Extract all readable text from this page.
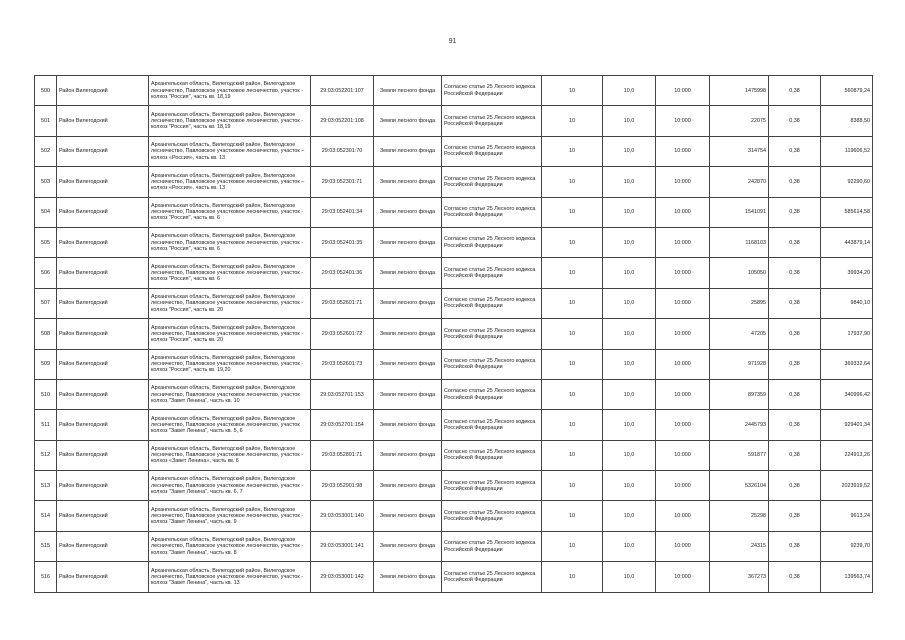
91
500	Район Вилегодский	Архангельская область, Вилегодский район, Вилегодское лесничество, Павловское участковое лесничество, участок - колхоз "Россия", часть кв. 18,19	29:03:052201:107	Земли лесного фонда	Согласно статье 25 Лесного кодекса Российской Федерации	10	10,0	10:000	1475998	0,38	560879,24
501	Район Вилегодский	Архангельская область, Вилегодский район, Вилегодское лесничество, Павловское участковое лесничество, участок - колхоз "Россия", часть кв. 18,19	29:03:052201:108	Земли лесного фонда	Согласно статье 25 Лесного кодекса Российской Федерации	10	10,0	10:000	22075	0,38	8388,50
502	Район Вилегодский	Архангельская область, Вилегодский район, Вилегодское лесничество, Павловское участковое лесничество, участок – колхоз «Россия», часть кв. 13	29:03:052301:70	Земли лесного фонда	Согласно статье 25 Лесного кодекса Российской Федерации	10	10,0	10:000	314754	0,38	119606,52
503	Район Вилегодский	Архангельская область, Вилегодский район, Вилегодское лесничество, Павловское участковое лесничество, участок – колхоз «Россия», часть кв. 13	29:03:052301:71	Земли лесного фонда	Согласно статье 25 Лесного кодекса Российской Федерации	10	10,0	10:000	242870	0,38	92290,60
504	Район Вилегодский	Архангельская область, Вилегодский район, Вилегодское лесничество, Павловское участковое лесничество, участок - колхоз "Россия", часть кв. 6	29:03:052401:34	Земли лесного фонда	Согласно статье 25 Лесного кодекса Российской Федерации	10	10,0	10:000	1541091	0,38	585614,58
505	Район Вилегодский	Архангельская область, Вилегодский район, Вилегодское лесничество, Павловское участковое лесничество, участок - колхоз "Россия", часть кв. 6	29:03:052401:35	Земли лесного фонда	Согласно статье 25 Лесного кодекса Российской Федерации	10	10,0	10:000	1168103	0,38	443879,14
506	Район Вилегодский	Архангельская область, Вилегодский район, Вилегодское лесничество, Павловское участковое лесничество, участок - колхоз "Россия", часть кв. 6	29:03:052401:36	Земли лесного фонда	Согласно статье 25 Лесного кодекса Российской Федерации	10	10,0	10:000	105050	0,38	39934,20
507	Район Вилегодский	Архангельская область, Вилегодский район, Вилегодское лесничество, Павловское участковое лесничество, участок - колхоз "Россия", часть кв. 20	29:03:052601:71	Земли лесного фонда	Согласно статье 25 Лесного кодекса Российской Федерации	10	10,0	10:000	25895	0,38	9840,10
508	Район Вилегодский	Архангельская область, Вилегодский район, Вилегодское лесничество, Павловское участковое лесничество, участок - колхоз "Россия", часть кв. 20	29:03:052601:72	Земли лесного фонда	Согласно статье 25 Лесного кодекса Российской Федерации	10	10,0	10:000	47205	0,38	17937,90
509	Район Вилегодский	Архангельская область, Вилегодский район, Вилегодское лесничество, Павловское участковое лесничество, участок - колхоз "Россия", часть кв. 19,20	29:03:052601:73	Земли лесного фонда	Согласно статье 25 Лесного кодекса Российской Федерации	10	10,0	10:000	971928	0,38	369332,64
510	Район Вилегодский	Архангельская область, Вилегодский район, Вилегодское лесничество, Павловское участковое лесничество, участок колхоз "Завет Ленина", часть кв. 10	29:03:052701:153	Земли лесного фонда	Согласно статье 25 Лесного кодекса Российской Федерации	10	10,0	10:000	897359	0,38	340996,42
511	Район Вилегодский	Архангельская область, Вилегодский район, Вилегодское лесничество, Павловское участковое лесничество, участок колхоз "Завет Ленина", часть кв. 5, 6	29:03:052701:154	Земли лесного фонда	Согласно статье 25 Лесного кодекса Российской Федерации	10	10,0	10:000	2445793	0,38	929401,34
512	Район Вилегодский	Архангельская область, Вилегодский район, Вилегодское лесничество, Павловское участковое лесничество, участок - колхоз «Завет Ленина», часть кв. 6	29:03:052801:71	Земли лесного фонда	Согласно статье 25 Лесного кодекса Российской Федерации	10	10,0	10:000	591877	0,38	224913,26
513	Район Вилегодский	Архангельская область, Вилегодский район, Вилегодское лесничество, Павловское участковое лесничество, участок - колхоз "Завет Ленина", часть кв. 6, 7	29:03:052901:98	Земли лесного фонда	Согласно статье 25 Лесного кодекса Российской Федерации	10	10,0	10:000	5326104	0,38	2023919,52
514	Район Вилегодский	Архангельская область, Вилегодский район, Вилегодское лесничество, Павловское участковое лесничество, участок - колхоз "Завет Ленина", часть кв. 9	29:03:053001:140	Земли лесного фонда	Согласно статье 25 Лесного кодекса Российской Федерации	10	10,0	10:000	25298	0,38	9613,24
515	Район Вилегодский	Архангельская область, Вилегодский район, Вилегодское лесничество, Павловское участковое лесничество, участок - колхоз "Завет Ленина", часть кв. 8	29:03:053001:141	Земли лесного фонда	Согласно статье 25 Лесного кодекса Российской Федерации	10	10,0	10:000	24315	0,38	9239,70
516	Район Вилегодский	Архангельская область, Вилегодский район, Вилегодское лесничество, Павловское участковое лесничество, участок - колхоз "Завет Ленина", часть кв. 13	29:03:053001:142	Земли лесного фонда	Согласно статье 25 Лесного кодекса Российской Федерации	10	10,0	10:000	367273	0,38	139563,74
